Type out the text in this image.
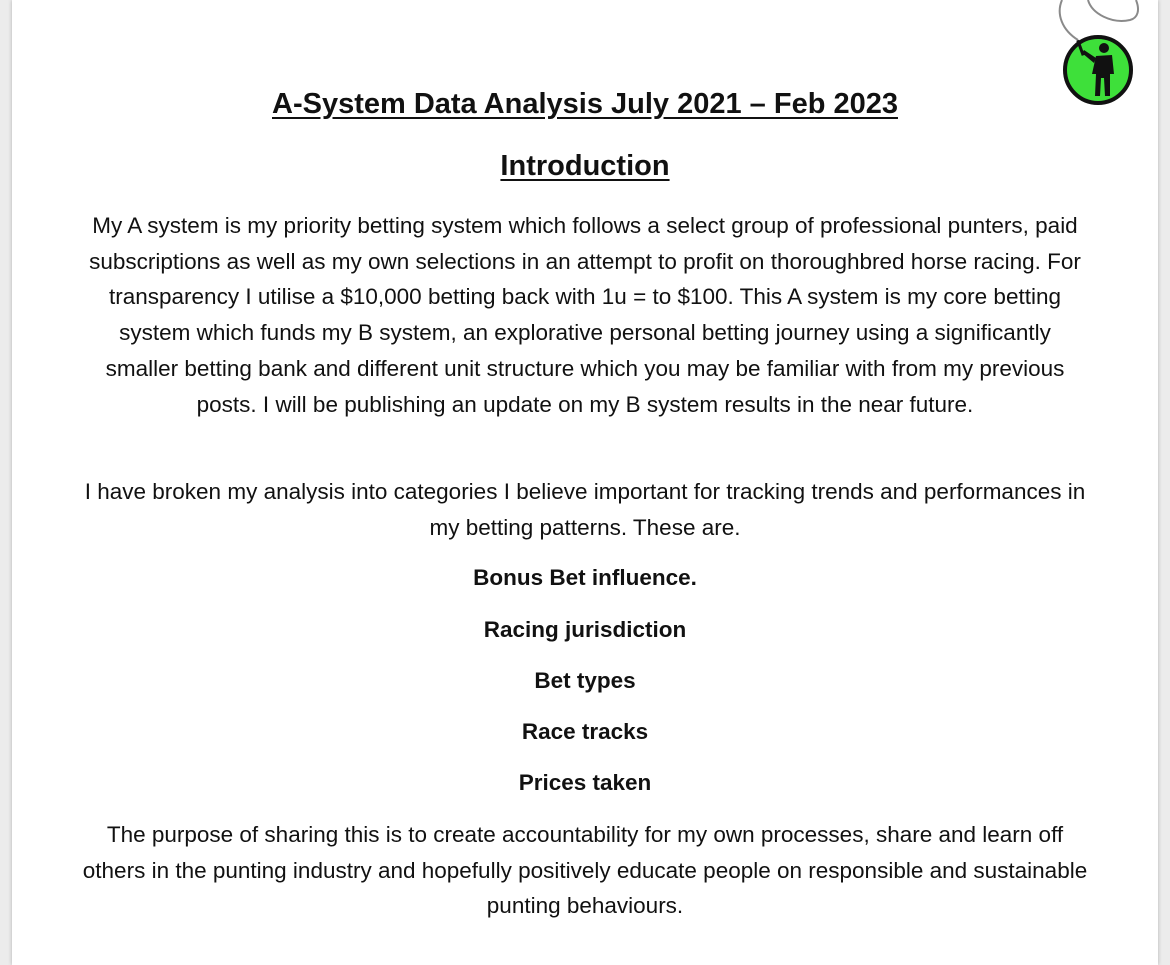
A-System Data Analysis July 2021 – Feb 2023
Introduction
My A system is my priority betting system which follows a select group of professional punters, paid subscriptions as well as my own selections in an attempt to profit on thoroughbred horse racing. For transparency I utilise a $10,000 betting back with 1u = to $100. This A system is my core betting system which funds my B system, an explorative personal betting journey using a significantly smaller betting bank and different unit structure which you may be familiar with from my previous posts. I will be publishing an update on my B system results in the near future.
I have broken my analysis into categories I believe important for tracking trends and performances in my betting patterns. These are.
Bonus Bet influence.
Racing jurisdiction
Bet types
Race tracks
Prices taken
The purpose of sharing this is to create accountability for my own processes, share and learn off others in the punting industry and hopefully positively educate people on responsible and sustainable punting behaviours.
